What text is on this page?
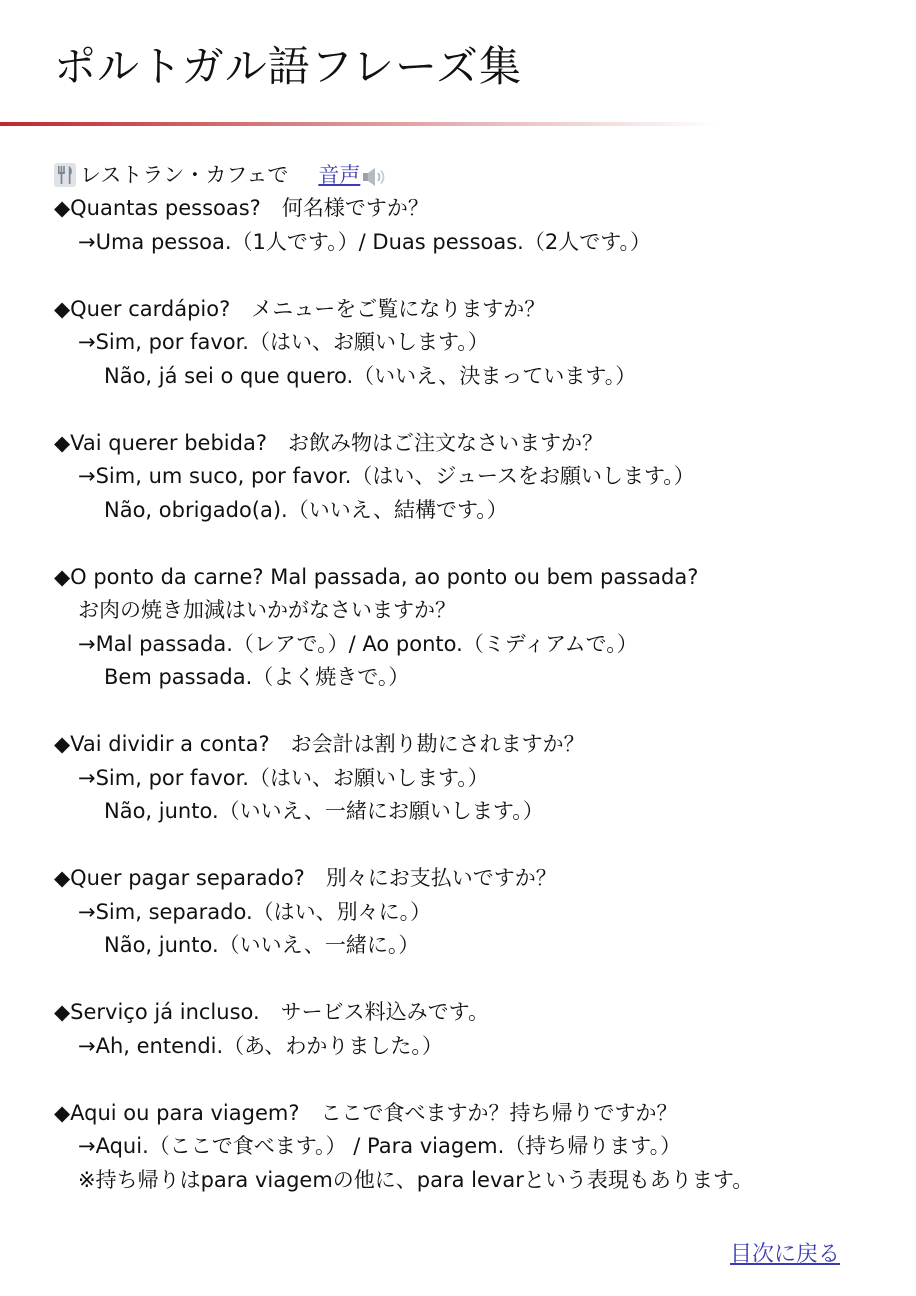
ポルトガル語フレーズ集
レストラン・カフェで 音声
◆Quantas pessoas?　何名様ですか？
→Uma pessoa.（1人です。）/ Duas pessoas.（2人です。）
◆Quer cardápio?　メニューをご覧になりますか？
→Sim, por favor.（はい、お願いします。）
Não, já sei o que quero.（いいえ、決まっています。）
◆Vai querer bebida?　お飲み物はご注文なさいますか？
→Sim, um suco, por favor.（はい、ジュースをお願いします。）
Não, obrigado(a).（いいえ、結構です。）
◆O ponto da carne? Mal passada, ao ponto ou bem passada?
お肉の焼き加減はいかがなさいますか？
→Mal passada.（レアで。）/ Ao ponto.（ミディアムで。）
Bem passada.（よく焼きで。）
◆Vai dividir a conta?　お会計は割り勘にされますか？
→Sim, por favor.（はい、お願いします。）
Não, junto.（いいえ、一緒にお願いします。）
◆Quer pagar separado?　別々にお支払いですか？
→Sim, separado.（はい、別々に。）
Não, junto.（いいえ、一緒に。）
◆Serviço já incluso.　サービス料込みです。
→Ah, entendi.（あ、わかりました。）
◆Aqui ou para viagem?　ここで食べますか？持ち帰りですか？
→Aqui.（ここで食べます。） / Para viagem.（持ち帰ります。）
※持ち帰りはpara viagemの他に、para levarという表現もあります。
目次に戻る
